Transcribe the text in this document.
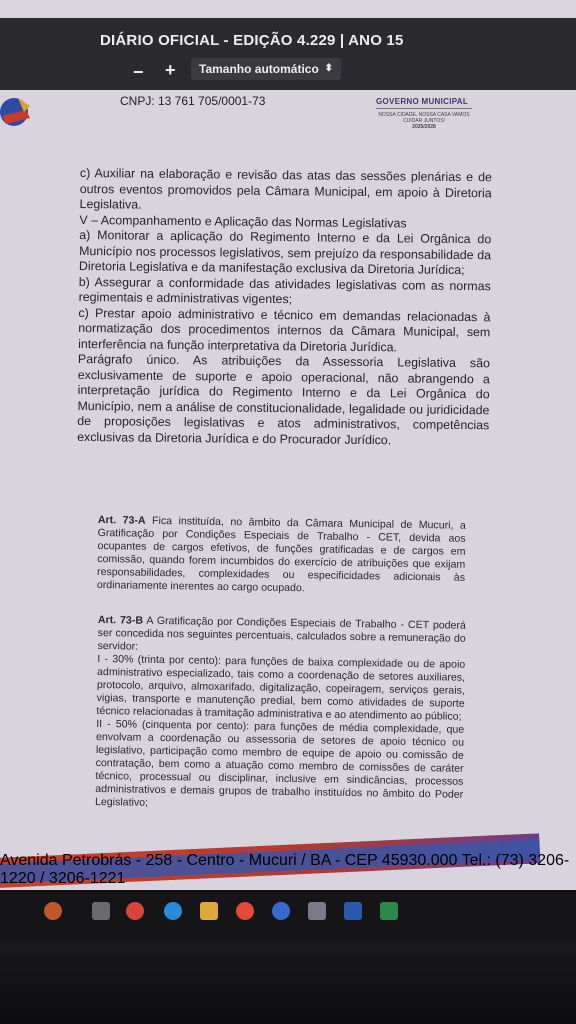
DIÁRIO OFICIAL - EDIÇÃO 4.229 | ANO 15
− +	Tamanho automático ⬍
CNPJ: 13 761 705/0001-73	GOVERNO MUNICIPAL
NOSSA CIDADE, NOSSA CASA VAMOS CUIDAR JUNTOS!
2025/2028

c) Auxiliar na elaboração e revisão das atas das sessões plenárias e de outros eventos promovidos pela Câmara Municipal, em apoio à Diretoria Legislativa.

V – Acompanhamento e Aplicação das Normas Legislativas

a) Monitorar a aplicação do Regimento Interno e da Lei Orgânica do Município nos processos legislativos, sem prejuízo da responsabilidade da Diretoria Legislativa e da manifestação exclusiva da Diretoria Jurídica;

b) Assegurar a conformidade das atividades legislativas com as normas regimentais e administrativas vigentes;

c) Prestar apoio administrativo e técnico em demandas relacionadas à normatização dos procedimentos internos da Câmara Municipal, sem interferência na função interpretativa da Diretoria Jurídica.

Parágrafo único. As atribuições da Assessoria Legislativa são exclusivamente de suporte e apoio operacional, não abrangendo a interpretação jurídica do Regimento Interno e da Lei Orgânica do Município, nem a análise de constitucionalidade, legalidade ou juridicidade de proposições legislativas e atos administrativos, competências exclusivas da Diretoria Jurídica e do Procurador Jurídico.

Art. 73-A Fica instituída, no âmbito da Câmara Municipal de Mucuri, a Gratificação por Condições Especiais de Trabalho - CET, devida aos ocupantes de cargos efetivos, de funções gratificadas e de cargos em comissão, quando forem incumbidos do exercício de atribuições que exijam responsabilidades, complexidades ou especificidades adicionais às ordinariamente inerentes ao cargo ocupado.
Art. 73-B A Gratificação por Condições Especiais de Trabalho - CET poderá ser concedida nos seguintes percentuais, calculados sobre a remuneração do servidor:
I - 30% (trinta por cento): para funções de baixa complexidade ou de apoio administrativo especializado, tais como a coordenação de setores auxiliares, protocolo, arquivo, almoxarifado, digitalização, copeiragem, serviços gerais, vigias, transporte e manutenção predial, bem como atividades de suporte técnico relacionadas à tramitação administrativa e ao atendimento ao público;
II - 50% (cinquenta por cento): para funções de média complexidade, que envolvam a coordenação ou assessoria de setores de apoio técnico ou legislativo, participação como membro de equipe de apoio ou comissão de contratação, bem como a atuação como membro de comissões de caráter técnico, processual ou disciplinar, inclusive em sindicâncias, processos administrativos e demais grupos de trabalho instituídos no âmbito do Poder Legislativo;
Avenida Petrobrás - 258 - Centro - Mucuri / BA - CEP 45930.000 Tel.: (73) 3206-1220 / 3206-1221
